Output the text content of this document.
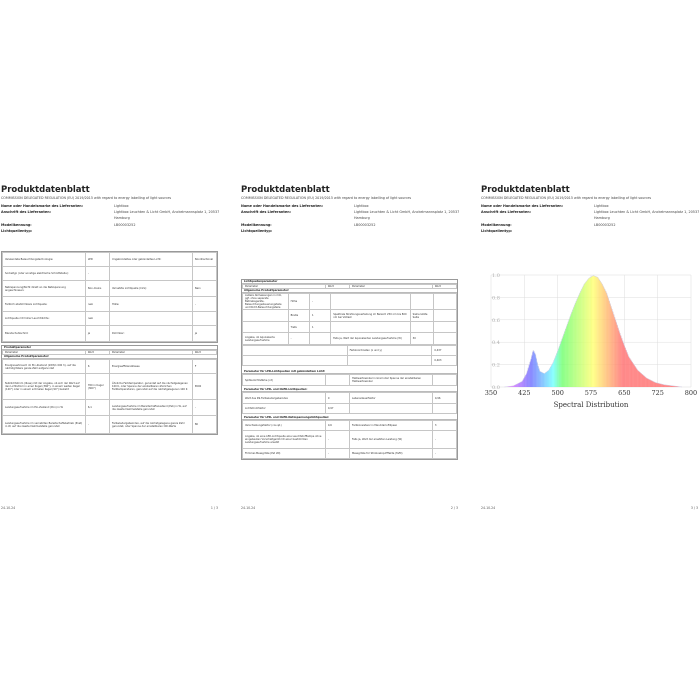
Produktdatenblatt

COMMISSION DELEGATED REGULATION (EU) 2019/2015 with regard to energy labelling of light sources
Name oder Handelsmarke des Lieferanten:	Lightbox
Anschrift des Lieferanten:	Lightbox Leuchten & Licht GmbH, Anckelmannsplatz 1, 20537 Hamburg
Modellkennung:	LB00003252
Lichtquellentyp:
Verwendete Beleuchtungstechnologie:	LED	Ungebündeltes oder gebündeltes Licht:	Nondirectional
Sockeltyp (oder sonstige elektrische Schnittstelle):	-		
Netzspannung/Nicht direkt an die Netzspannung angeschlossen:	Non-mains	Vernetzte Lichtquelle (CLS):	Nein
Farblich abstimmbare Lichtquelle:	nein	Hülle:	-
Lichtquelle mit hoher Leuchtdichte:	nein		
Blendschutzschild:	ja	Dimmbar:	ja
Produktparameter
Parameter	Wert	Parameter	Wert
Allgemeine Produktparameter:
Energieverbrauch im Ein-Zustand (kWh/1 000 h), auf die nächstgrößere ganze Zahl aufgerundet	6	Energieeffizienzklasse	F
Nutzlichtstrom (Φuse) mit der Angabe, ob sich der Wert auf den Lichtstrom in einer Kugel (360°), in einem weiten Kegel (120°) oder in einem schmalen Kegel (90°) bezieht	350 in Kugel (360°)	Ähnliche Farbtemperatur, gerundet auf die nächstgelegenen 100 K, oder Spanne der einstellbaren ähnlichen Farbtemperaturen, gerundet auf die nächstgelegenen 100 K	6500
Leistungsaufnahme im Ein-Zustand (Pon) in W	6,1	Leistungsaufnahme im Bereitschaftszustand (Psb) in W, auf die zweite Dezimalstelle gerundet	-
Leistungsaufnahme im vernetzten Bereitschaftsbetrieb (Pnet) in W, auf die zweite Dezimalstelle gerundet	-	Farbwiedergabeindex, auf die nächstgelegene ganze Zahl gerundet, oder Spanne der einstellbaren CRI-Werte	80
24.10.24	1 / 3

Produktdatenblatt

COMMISSION DELEGATED REGULATION (EU) 2019/2015 with regard to energy labelling of light sources
Name oder Handelsmarke des Lieferanten:	Lightbox
Anschrift des Lieferanten:	Lightbox Leuchten & Licht GmbH, Anckelmannsplatz 1, 20537 Hamburg
Modellkennung:	LB00003252
Lichtquellentyp:
Lichtquellenparameter
Parameter	Wert	Parameter	Wert
Allgemeine Produktparameter:
Außere Abmessungen in mm, ggf. ohne separate Betriebsgeräte, Beleuchtungssteuerungsteile und Nicht-Beleuchtungsteile	Höhe	-			
	Breite	1	Spektrale Strahlungsverteilung im Bereich 250 nm bis 800 nm bei Volllast	Siehe letzte Seite	
	Tiefe	1			
Angabe, ob äquivalente Leistungsaufnahme	-		Falls ja, Wert der äquivalenten Leistungsaufnahme (W)	30	
	Farbkoordinaten (x und y)	0,437
		0,403
Parameter für LED-Lichtquellen mit gebündeltem Licht:
Spitzenlichtstärke (cd)		Halbwertswinkel in Grad oder Spanne der einstellbaren Halbwertswinkel	
Parameter für LED- und OLED-Lichtquellen:
Wert des R9-Farbwiedergabeindex	0	Lebensdauerfaktor	0,96
Lichtstromfaktor	0,97		
Parameter für LED- und OLED-Netzspannungslichtquellen:
Verschiebungsfaktor (cos φ1)	0,6	Farbkonsistenz in MacAdam-Ellipsen	3
Angabe, ob eine LED-Lichtquelle eine Leuchtstofflampe ohne eingebauten Vorschaltgerät mit einer bestimmten Leistungsaufnahme ersetzt	-	Falls ja, Wert der ersetzten Leistung (W)	-
Flimmer-Messgröße (Pst LM)	-	Messgröße für Stroboskop-Effekte (SVM)	-
24.10.24	2 / 3

Produktdatenblatt

COMMISSION DELEGATED REGULATION (EU) 2019/2015 with regard to energy labelling of light sources
Name oder Handelsmarke des Lieferanten:	Lightbox
Anschrift des Lieferanten:	Lightbox Leuchten & Licht GmbH, Anckelmannsplatz 1, 20537 Hamburg
Modellkennung:	LB00003252
Lichtquellentyp:
350	425	500	575	650	725	800
0.0
0.2
0.4
0.6
0.8
1.0
Spectral Distribution
24.10.24	3 / 3
